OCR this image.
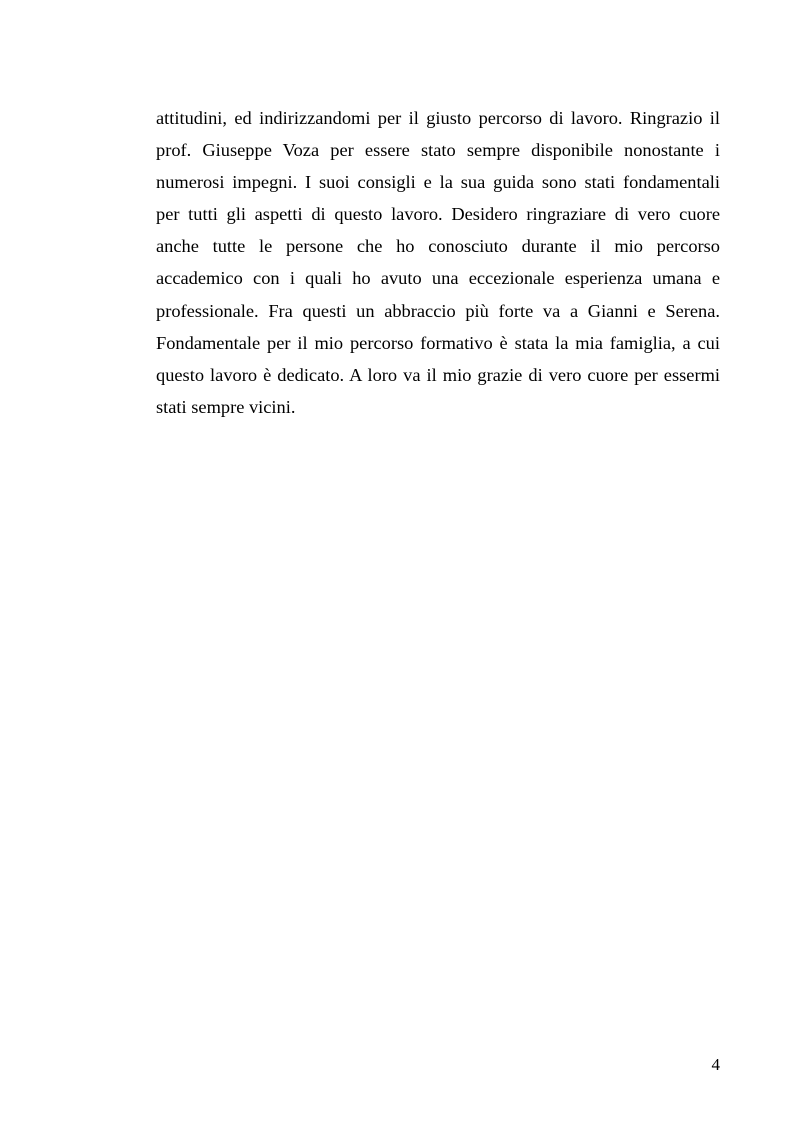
attitudini, ed indirizzandomi per il giusto percorso di lavoro. Ringrazio il
prof. Giuseppe Voza per essere stato sempre disponibile nonostante i
numerosi impegni. I suoi consigli e la sua guida sono stati fondamentali
per tutti gli aspetti di questo lavoro. Desidero ringraziare di vero cuore
anche tutte le persone che ho conosciuto durante il mio percorso
accademico con i quali ho avuto una eccezionale esperienza umana e
professionale. Fra questi un abbraccio più forte va a Gianni e Serena.
Fondamentale per il mio percorso formativo è stata la mia famiglia, a cui
questo lavoro è dedicato. A loro va il mio grazie di vero cuore per essermi
stati sempre vicini.

4
